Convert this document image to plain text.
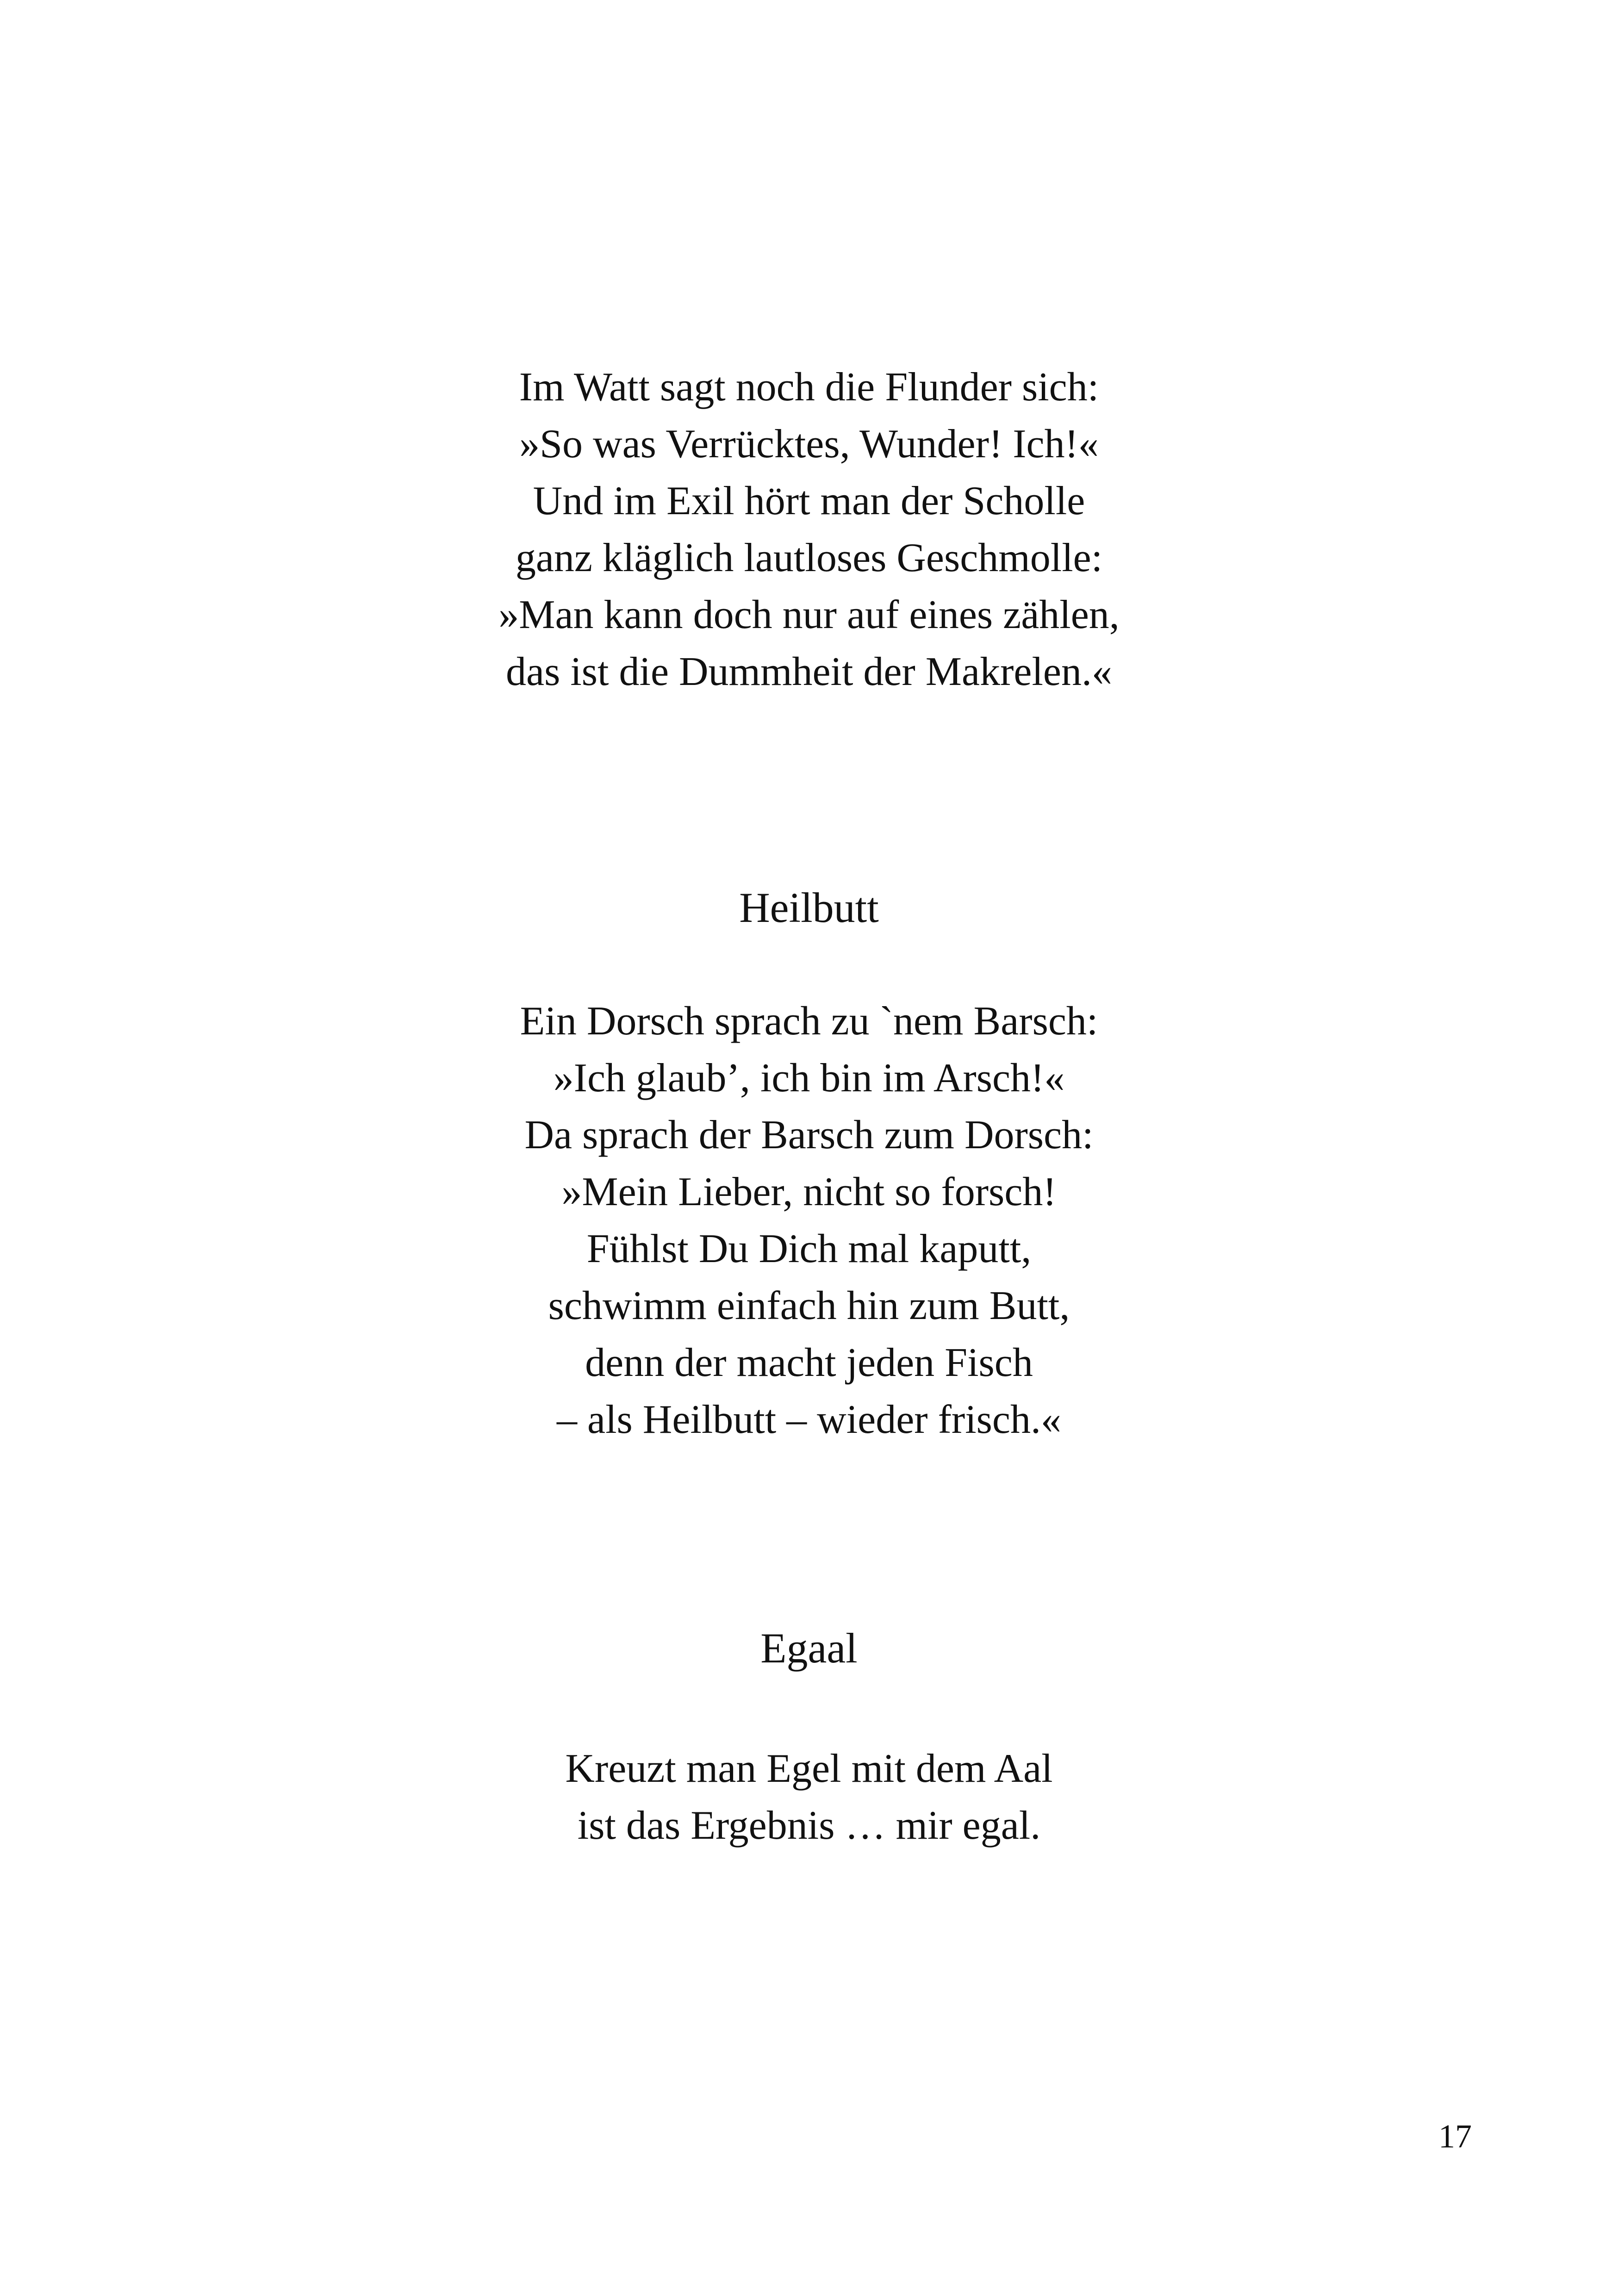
Im Watt sagt noch die Flunder sich:
»So was Verrücktes, Wunder! Ich!«
Und im Exil hört man der Scholle
ganz kläglich lautloses Geschmolle:
»Man kann doch nur auf eines zählen,
das ist die Dummheit der Makrelen.«
Heilbutt
Ein Dorsch sprach zu `nem Barsch:
»Ich glaub’, ich bin im Arsch!«
Da sprach der Barsch zum Dorsch:
»Mein Lieber, nicht so forsch!
Fühlst Du Dich mal kaputt,
schwimm einfach hin zum Butt,
denn der macht jeden Fisch
– als Heilbutt – wieder frisch.«
Egaal
Kreuzt man Egel mit dem Aal
ist das Ergebnis … mir egal.
17
